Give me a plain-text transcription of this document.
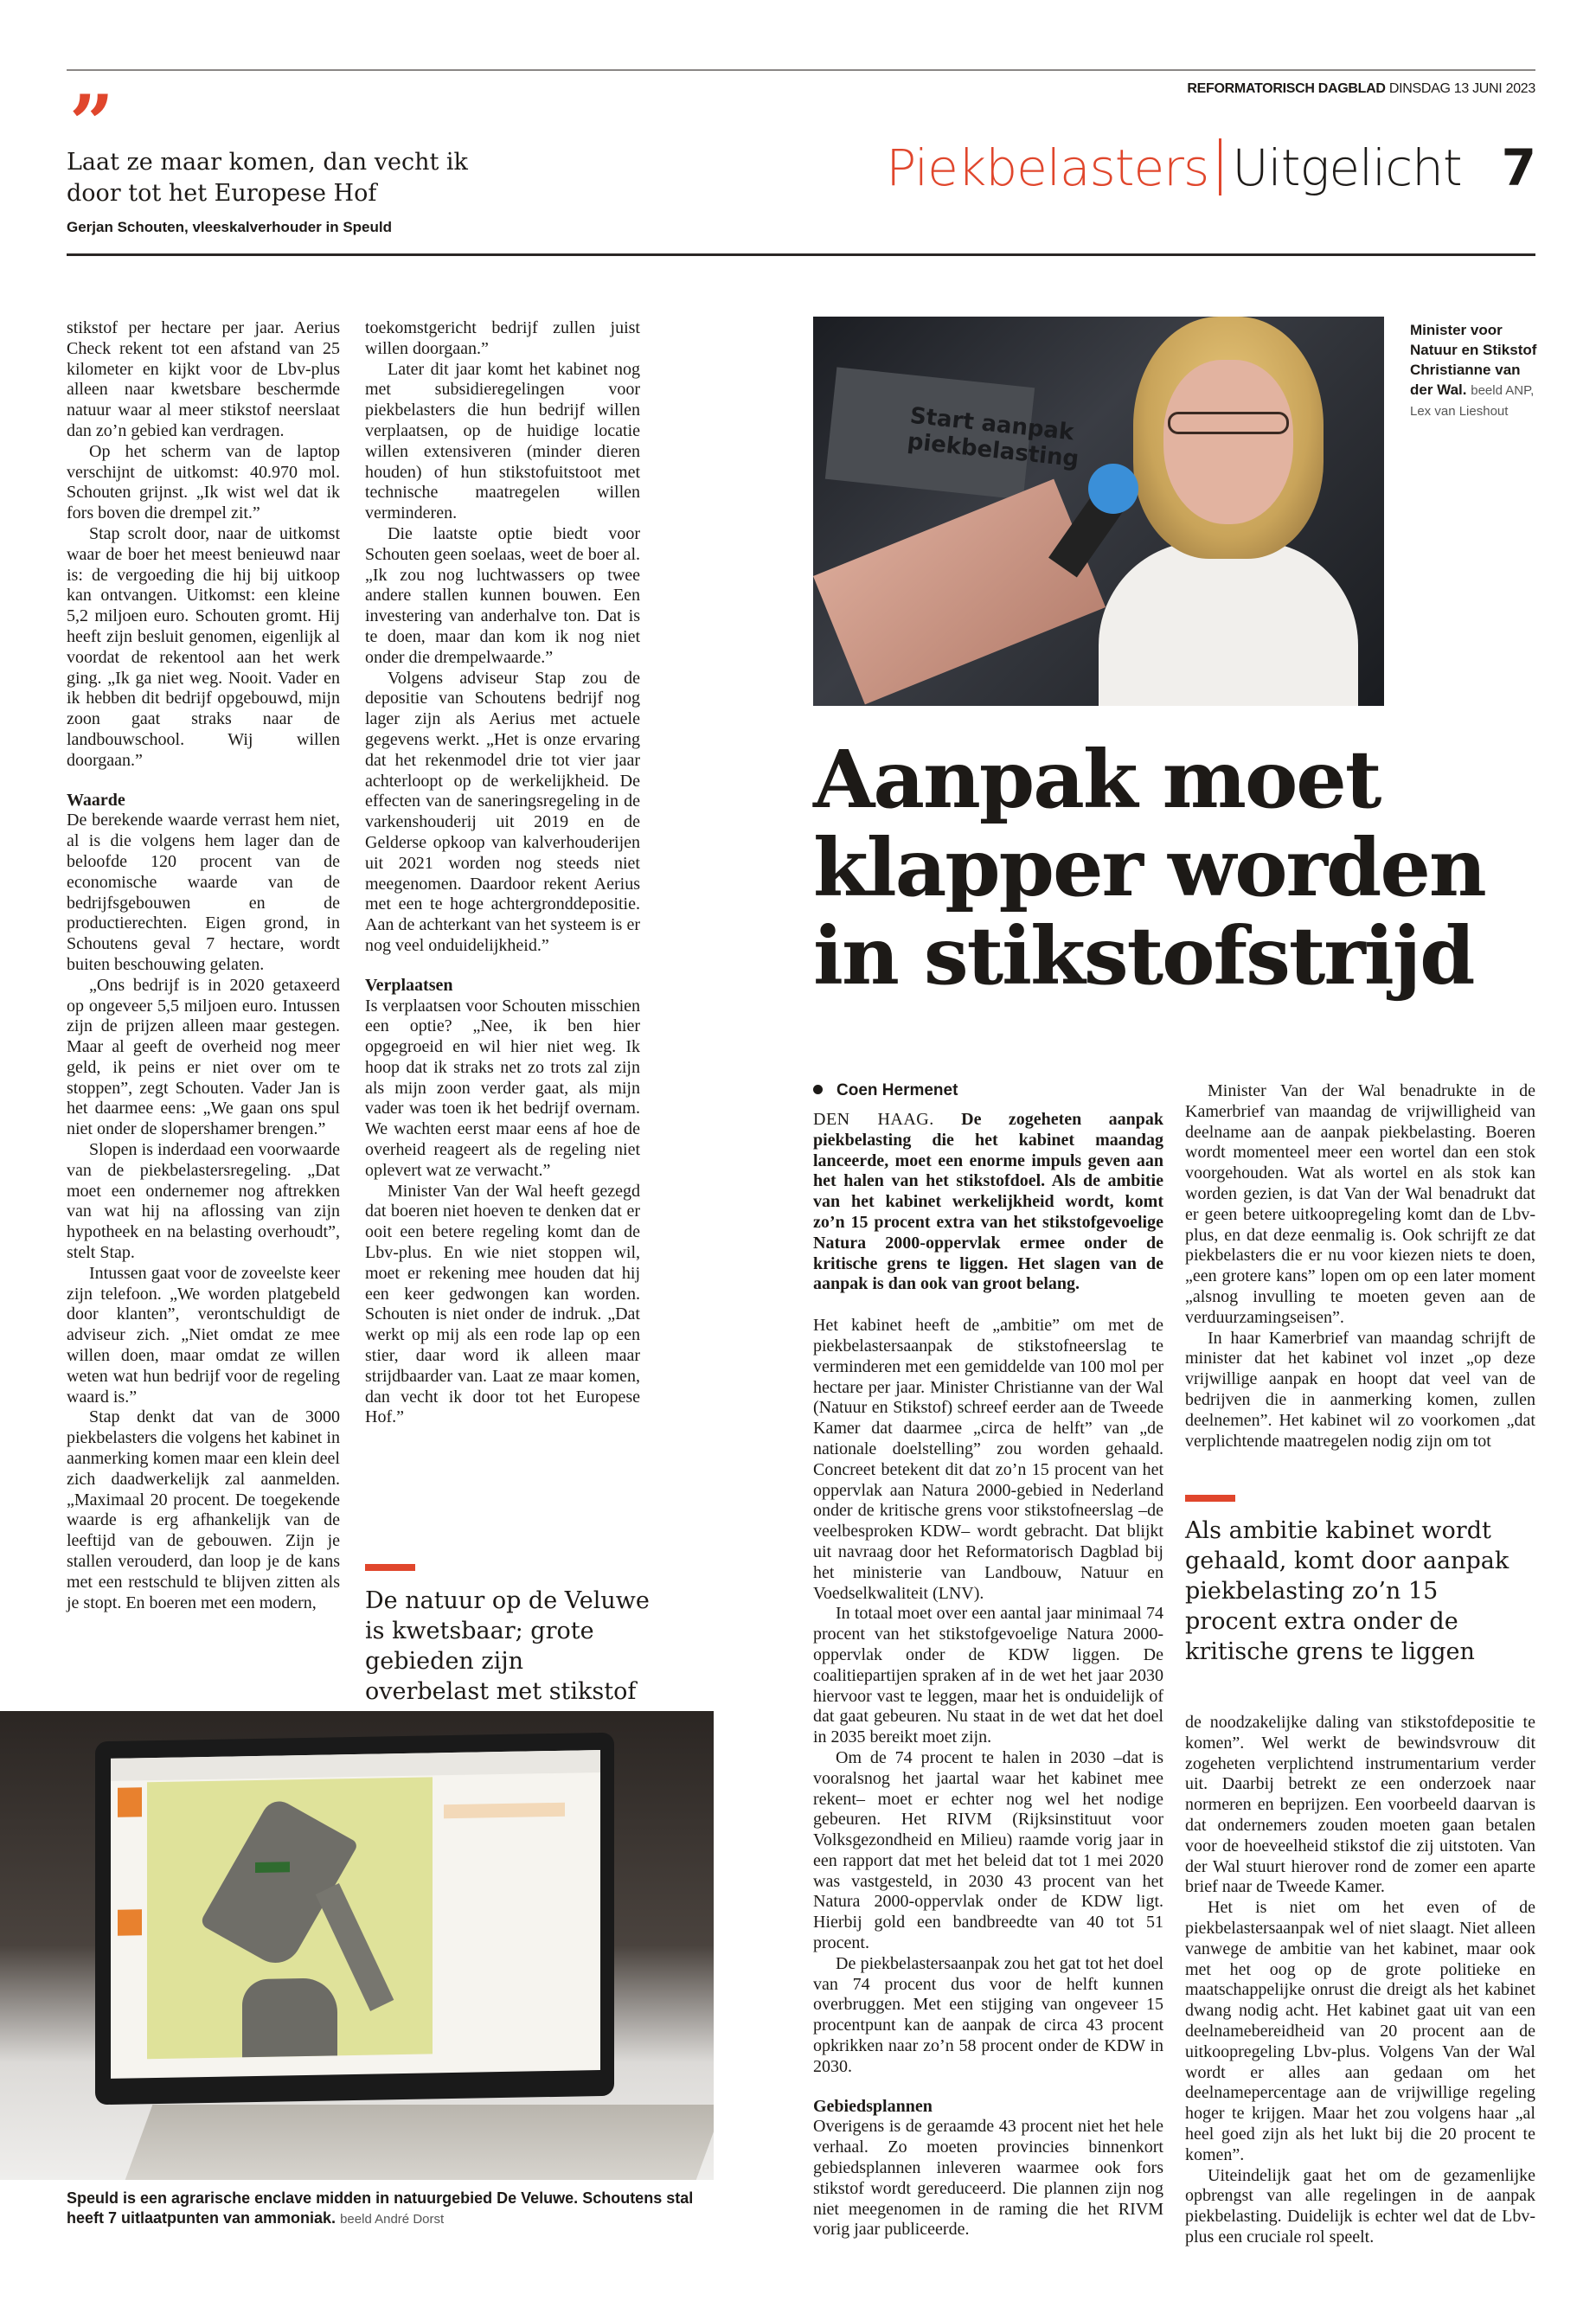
REFORMATORISCH DAGBLAD DINSDAG 13 JUNI 2023
”
Laat ze maar komen, dan vecht ik door tot het Europese Hof
Gerjan Schouten, vleeskalverhouder in Speuld
Piekbelasters Uitgelicht 7

stikstof per hectare per jaar. Aerius Check rekent tot een afstand van 25 kilometer en kijkt voor de Lbv-plus alleen naar kwetsbare beschermde natuur waar al meer stikstof neerslaat dan zo’n gebied kan verdragen.

Op het scherm van de laptop verschijnt de uitkomst: 40.970 mol. Schouten grijnst. „Ik wist wel dat ik fors boven die drempel zit.”

Stap scrolt door, naar de uitkomst waar de boer het meest benieuwd naar is: de vergoeding die hij bij uitkoop kan ontvangen. Uitkomst: een kleine 5,2 miljoen euro. Schouten gromt. Hij heeft zijn besluit genomen, eigenlijk al voordat de rekentool aan het werk ging. „Ik ga niet weg. Nooit. Vader en ik hebben dit bedrijf opgebouwd, mijn zoon gaat straks naar de landbouwschool. Wij willen doorgaan.”

Waarde

De berekende waarde verrast hem niet, al is die volgens hem lager dan de beloofde 120 procent van de economische waarde van de bedrijfsgebouwen en de productierechten. Eigen grond, in Schoutens geval 7 hectare, wordt buiten beschouwing gelaten.

„Ons bedrijf is in 2020 getaxeerd op ongeveer 5,5 miljoen euro. Intussen zijn de prijzen alleen maar gestegen. Maar al geeft de overheid nog meer geld, ik peins er niet over om te stoppen”, zegt Schouten. Vader Jan is het daarmee eens: „We gaan ons spul niet onder de slopershamer brengen.”

Slopen is inderdaad een voorwaarde van de piekbelastersregeling. „Dat moet een ondernemer nog aftrekken van wat hij na aflossing van zijn hypotheek en na belasting overhoudt”, stelt Stap.

Intussen gaat voor de zoveelste keer zijn telefoon. „We worden platgebeld door klanten”, verontschuldigt de adviseur zich. „Niet omdat ze mee willen doen, maar omdat ze willen weten wat hun bedrijf voor de regeling waard is.”

Stap denkt dat van de 3000 piekbelasters die volgens het kabinet in aanmerking komen maar een klein deel zich daadwerkelijk zal aanmelden. „Maximaal 20 procent. De toegekende waarde is erg afhankelijk van de leeftijd van de gebouwen. Zijn je stallen verouderd, dan loop je de kans met een restschuld te blijven zitten als je stopt. En boeren met een modern,

toekomstgericht bedrijf zullen juist willen doorgaan.”

Later dit jaar komt het kabinet nog met subsidieregelingen voor piekbelasters die hun bedrijf willen verplaatsen, op de huidige locatie willen extensiveren (minder dieren houden) of hun stikstofuitstoot met technische maatregelen willen verminderen.

Die laatste optie biedt voor Schouten geen soelaas, weet de boer al. „Ik zou nog luchtwassers op twee andere stallen kunnen bouwen. Een investering van anderhalve ton. Dat is te doen, maar dan kom ik nog niet onder die drempelwaarde.”

Volgens adviseur Stap zou de depositie van Schoutens bedrijf nog lager zijn als Aerius met actuele gegevens werkt. „Het is onze ervaring dat het rekenmodel drie tot vier jaar achterloopt op de werkelijkheid. De effecten van de saneringsregeling in de varkenshouderij uit 2019 en de Gelderse opkoop van kalverhouderijen uit 2021 worden nog steeds niet meegenomen. Daardoor rekent Aerius met een te hoge achtergronddepositie. Aan de achterkant van het systeem is er nog veel onduidelijkheid.”

Verplaatsen

Is verplaatsen voor Schouten misschien een optie? „Nee, ik ben hier opgegroeid en wil hier niet weg. Ik hoop dat ik straks net zo trots zal zijn als mijn zoon verder gaat, als mijn vader was toen ik het bedrijf overnam. We wachten eerst maar eens af hoe de overheid reageert als de regeling niet oplevert wat ze verwacht.”

Minister Van der Wal heeft gezegd dat boeren niet hoeven te denken dat er ooit een betere regeling komt dan de Lbv-plus. En wie niet stoppen wil, moet er rekening mee houden dat hij een keer gedwongen kan worden. Schouten is niet onder de indruk. „Dat werkt op mij als een rode lap op een stier, daar word ik alleen maar strijdbaarder van. Laat ze maar komen, dan vecht ik door tot het Europese Hof.”

De natuur op de Veluwe is kwetsbaar; grote gebieden zijn overbelast met stikstof
Start aanpak piekbelasting
Minister voor Natuur en Stikstof Christianne van der Wal. beeld ANP, Lex van Lieshout
Aanpak moet klapper worden in stikstofstrijd
Coen Hermenet

DEN HAAG. De zogeheten aanpak piekbelasting die het kabinet maandag lanceerde, moet een enorme impuls geven aan het halen van het stikstofdoel. Als de ambitie van het kabinet werkelijkheid wordt, komt zo’n 15 procent extra van het stikstofgevoelige Natura 2000-oppervlak ermee onder de kritische grens te liggen. Het slagen van de aanpak is dan ook van groot belang.

Het kabinet heeft de „ambitie” om met de piekbelastersaanpak de stikstofneerslag te verminderen met een gemiddelde van 100 mol per hectare per jaar. Minister Christianne van der Wal (Natuur en Stikstof) schreef eerder aan de Tweede Kamer dat daarmee „circa de helft” van „de nationale doelstelling” zou worden gehaald. Concreet betekent dit dat zo’n 15 procent van het oppervlak aan Natura 2000-gebied in Nederland onder de kritische grens voor stikstofneerslag –de veelbesproken KDW– wordt gebracht. Dat blijkt uit navraag door het Reformatorisch Dagblad bij het ministerie van Landbouw, Natuur en Voedselkwaliteit (LNV).

In totaal moet over een aantal jaar minimaal 74 procent van het stikstofgevoelige Natura 2000-oppervlak onder de KDW liggen. De coalitiepartijen spraken af in de wet het jaar 2030 hiervoor vast te leggen, maar het is onduidelijk of dat gaat gebeuren. Nu staat in de wet dat het doel in 2035 bereikt moet zijn.

Om de 74 procent te halen in 2030 –dat is vooralsnog het jaartal waar het kabinet mee rekent– moet er echter nog wel het nodige gebeuren. Het RIVM (Rijksinstituut voor Volksgezondheid en Milieu) raamde vorig jaar in een rapport dat met het beleid dat tot 1 mei 2020 was vastgesteld, in 2030 43 procent van het Natura 2000-oppervlak onder de KDW ligt. Hierbij gold een bandbreedte van 40 tot 51 procent.

De piekbelastersaanpak zou het gat tot het doel van 74 procent dus voor de helft kunnen overbruggen. Met een stijging van ongeveer 15 procentpunt kan de aanpak de circa 43 procent opkrikken naar zo’n 58 procent onder de KDW in 2030.

Gebiedsplannen

Overigens is de geraamde 43 procent niet het hele verhaal. Zo moeten provincies binnenkort gebiedsplannen inleveren waarmee ook fors stikstof wordt gereduceerd. Die plannen zijn nog niet meegenomen in de raming die het RIVM vorig jaar publiceerde.

Minister Van der Wal benadrukte in de Kamerbrief van maandag de vrijwilligheid van deelname aan de aanpak piekbelasting. Boeren wordt momenteel meer een wortel dan een stok voorgehouden. Wat als wortel en als stok kan worden gezien, is dat Van der Wal benadrukt dat er geen betere uitkoopregeling komt dan de Lbv-plus, en dat deze eenmalig is. Ook schrijft ze dat piekbelasters die er nu voor kiezen niets te doen, „een grotere kans” lopen om op een later moment „alsnog invulling te moeten geven aan de verduurzamingseisen”.

In haar Kamerbrief van maandag schrijft de minister dat het kabinet vol inzet „op deze vrijwillige aanpak en hoopt dat veel van de bedrijven die in aanmerking komen, zullen deelnemen”. Het kabinet wil zo voorkomen „dat verplichtende maatregelen nodig zijn om tot

Als ambitie kabinet wordt gehaald, komt door aanpak piekbelasting zo’n 15 procent extra onder de kritische grens te liggen

de noodzakelijke daling van stikstofdepositie te komen”. Wel werkt de bewindsvrouw dit zogeheten verplichtend instrumentarium verder uit. Daarbij betrekt ze een onderzoek naar normeren en beprijzen. Een voorbeeld daarvan is dat ondernemers zouden moeten gaan betalen voor de hoeveelheid stikstof die zij uitstoten. Van der Wal stuurt hierover rond de zomer een aparte brief naar de Tweede Kamer.

Het is niet om het even of de piekbelastersaanpak wel of niet slaagt. Niet alleen vanwege de ambitie van het kabinet, maar ook met het oog op de grote politieke en maatschappelijke onrust die dreigt als het kabinet dwang nodig acht. Het kabinet gaat uit van een deelnamebereidheid van 20 procent aan de uitkoopregeling Lbv-plus. Volgens Van der Wal wordt er alles aan gedaan om het deelnamepercentage aan de vrijwillige regeling hoger te krijgen. Maar het zou volgens haar „al heel goed zijn als het lukt bij die 20 procent te komen”.

Uiteindelijk gaat het om de gezamenlijke opbrengst van alle regelingen in de aanpak piekbelasting. Duidelijk is echter wel dat de Lbv-plus een cruciale rol speelt.

Speuld is een agrarische enclave midden in natuurgebied De Veluwe. Schoutens stal heeft 7 uitlaatpunten van ammoniak. beeld André Dorst
